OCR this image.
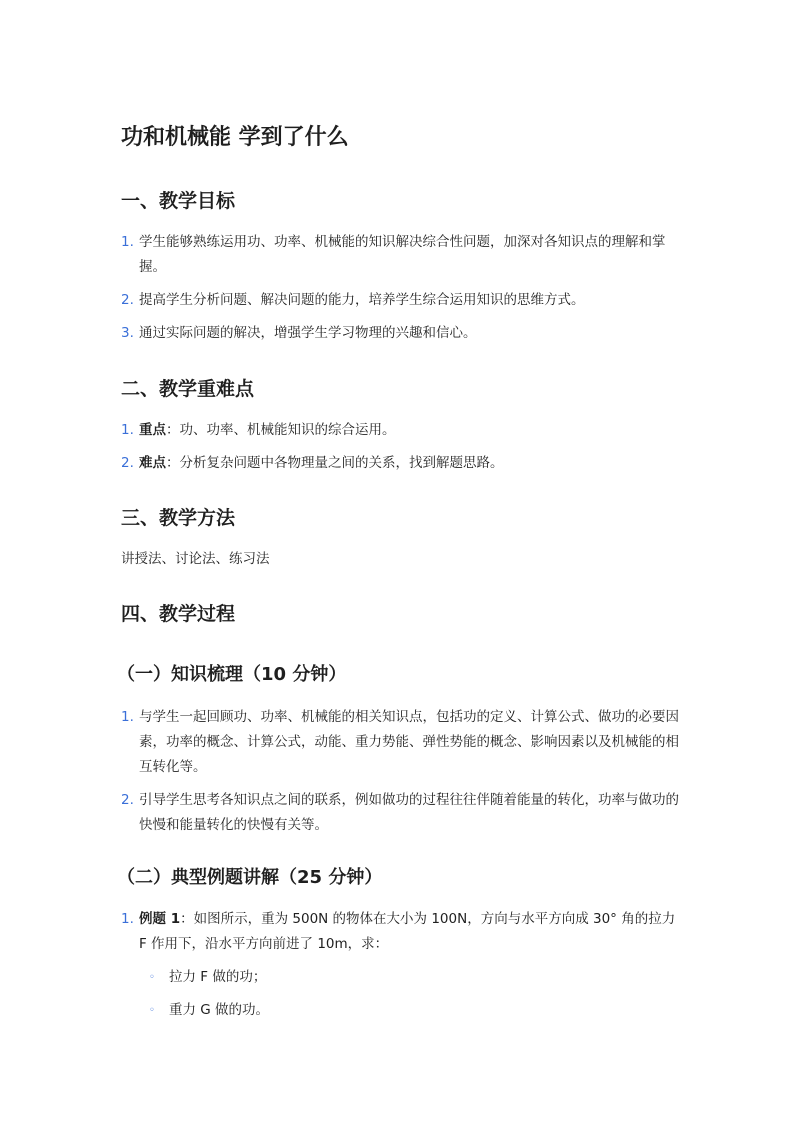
功和机械能 学到了什么
一、教学目标
1. 学生能够熟练运用功、功率、机械能的知识解决综合性问题，加深对各知识点的理解和掌握。
2. 提高学生分析问题、解决问题的能力，培养学生综合运用知识的思维方式。
3. 通过实际问题的解决，增强学生学习物理的兴趣和信心。
二、教学重难点
1. 重点：功、功率、机械能知识的综合运用。
2. 难点：分析复杂问题中各物理量之间的关系，找到解题思路。
三、教学方法
讲授法、讨论法、练习法
四、教学过程
（一）知识梳理（10 分钟）
1. 与学生一起回顾功、功率、机械能的相关知识点，包括功的定义、计算公式、做功的必要因素，功率的概念、计算公式，动能、重力势能、弹性势能的概念、影响因素以及机械能的相互转化等。
2. 引导学生思考各知识点之间的联系，例如做功的过程往往伴随着能量的转化，功率与做功的快慢和能量转化的快慢有关等。
（二）典型例题讲解（25 分钟）
1. 例题 1：如图所示，重为 500N 的物体在大小为 100N，方向与水平方向成 30° 角的拉力 F 作用下，沿水平方向前进了 10m，求：
◦ 拉力 F 做的功；
◦ 重力 G 做的功。
